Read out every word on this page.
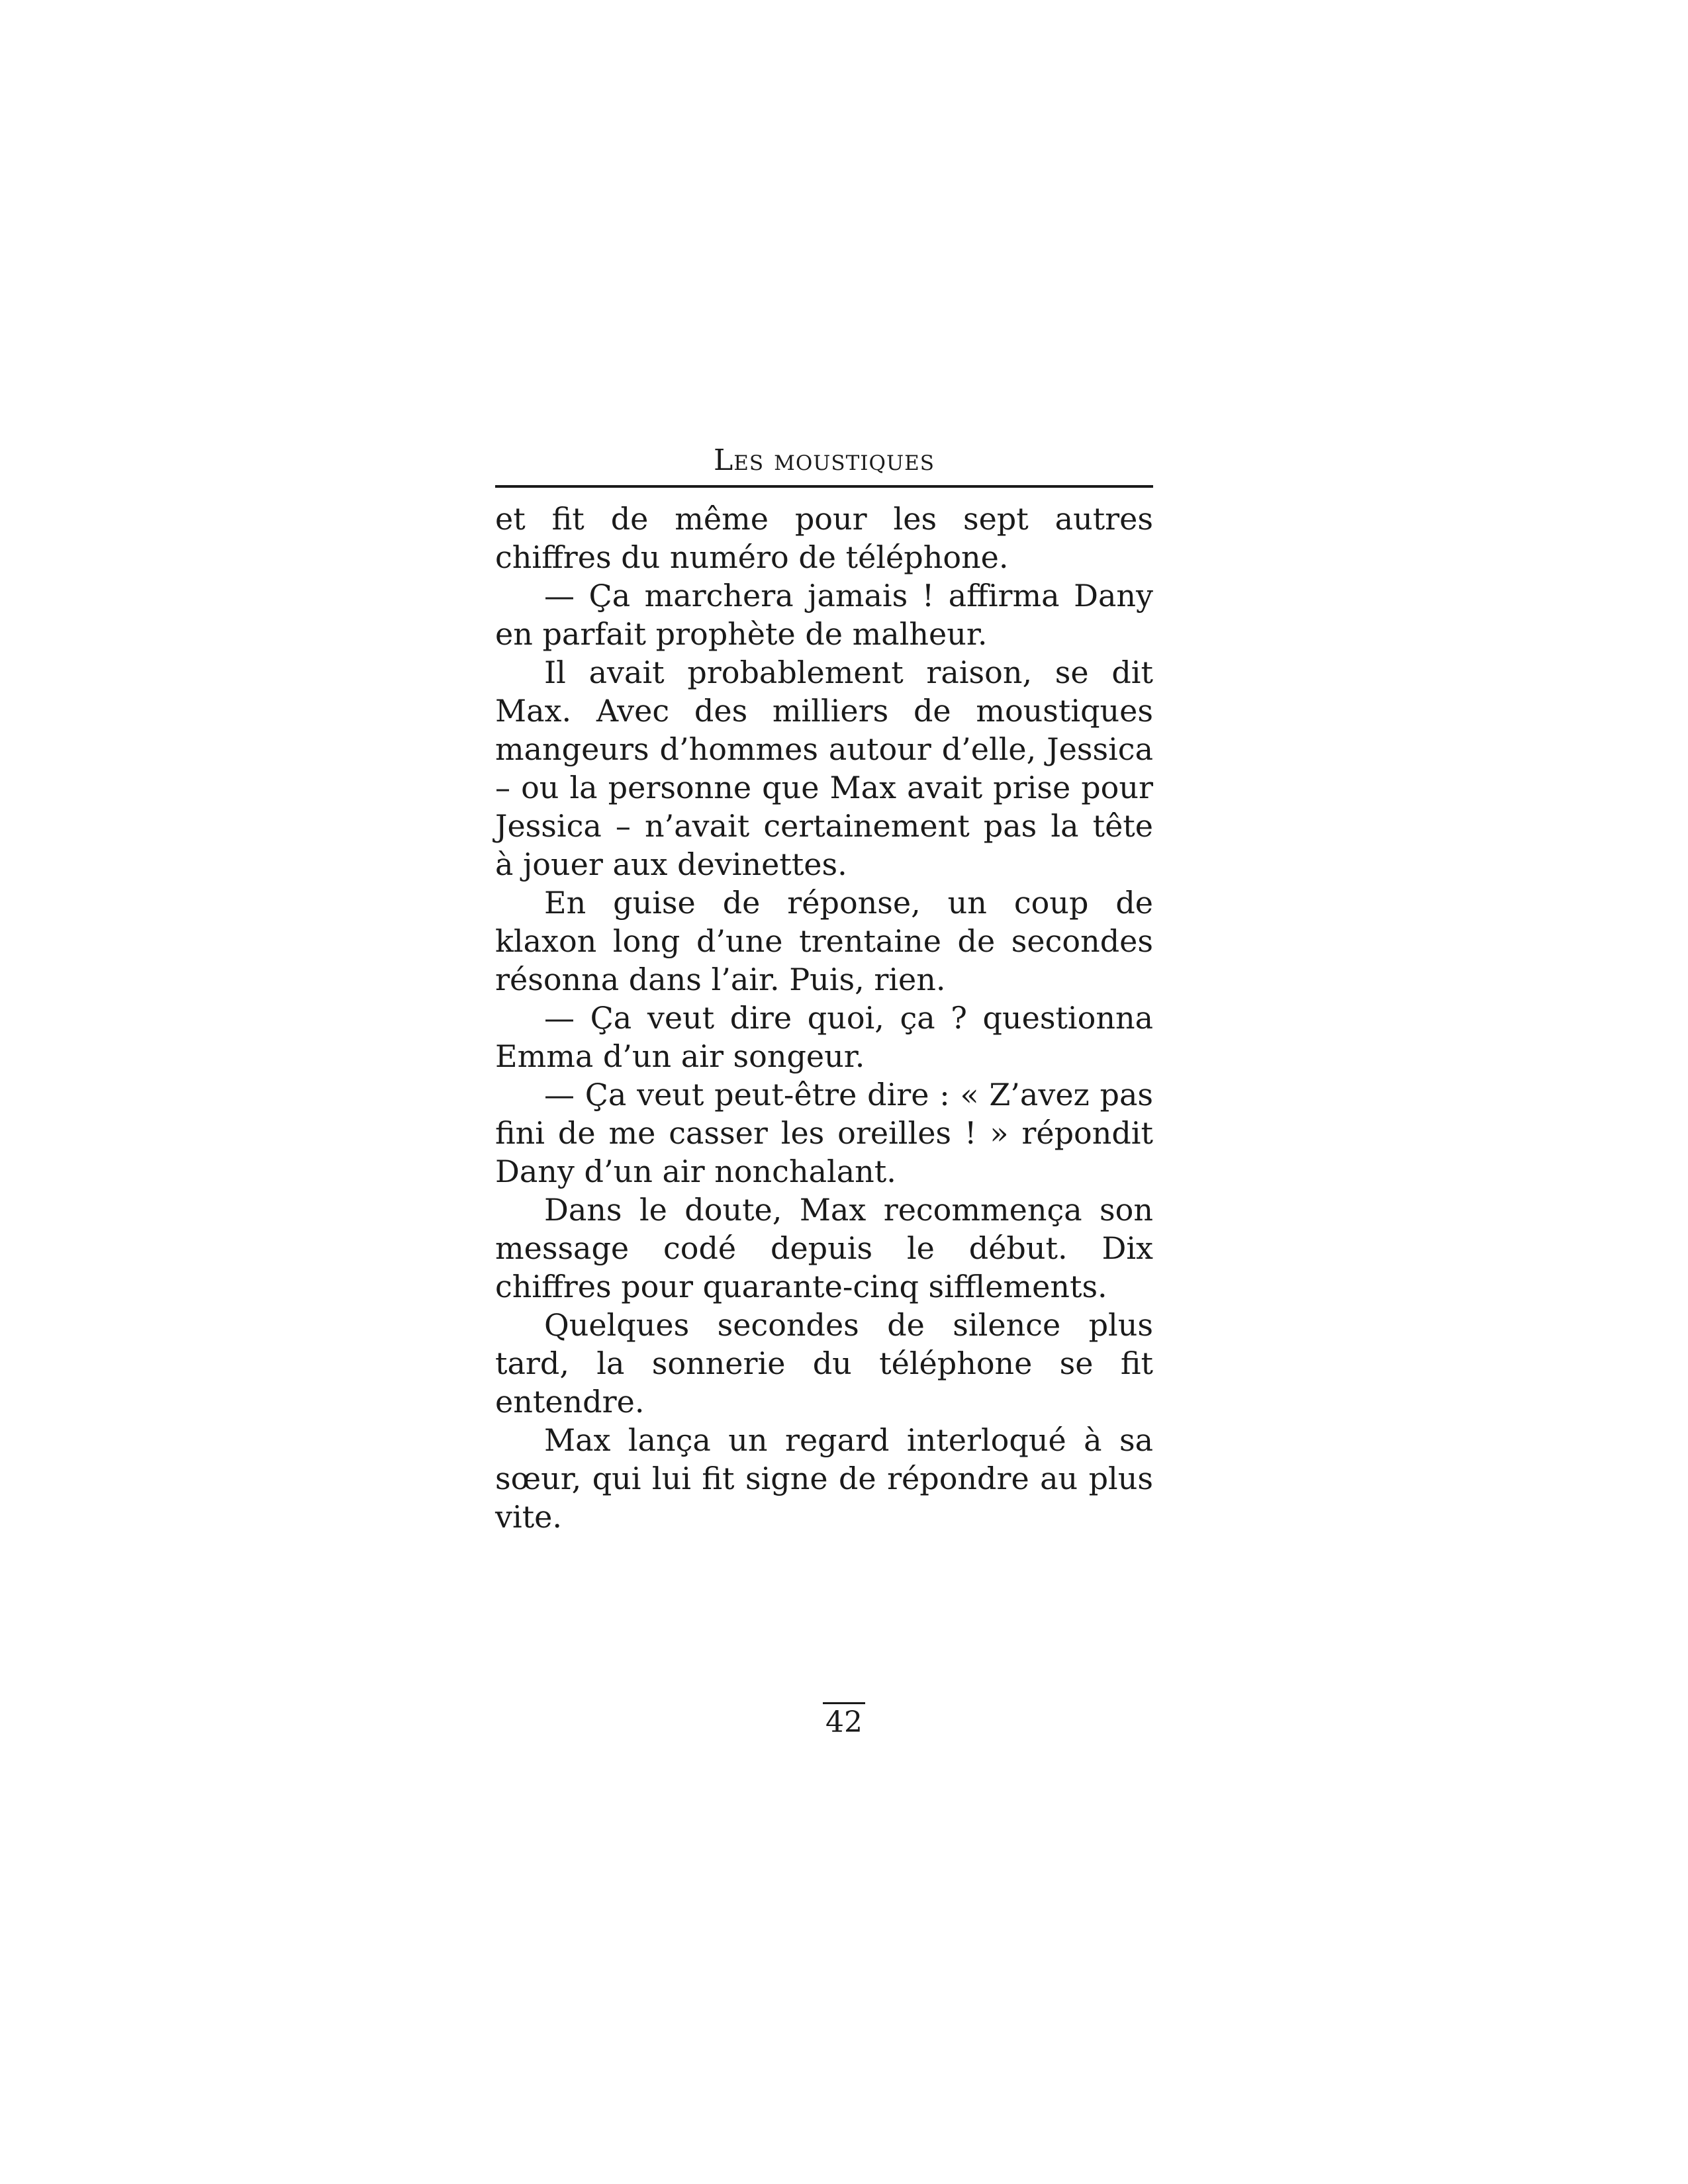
Les moustiques

et fit de même pour les sept autres chiffres du numéro de téléphone.

— Ça marchera jamais ! affirma Dany en parfait prophète de malheur.

Il avait probablement raison, se dit Max. Avec des milliers de moustiques mangeurs d’hommes autour d’elle, Jessica – ou la personne que Max avait prise pour Jessica – n’avait certainement pas la tête à jouer aux devinettes.

En guise de réponse, un coup de klaxon long d’une trentaine de secondes résonna dans l’air. Puis, rien.

— Ça veut dire quoi, ça ? questionna Emma d’un air songeur.

— Ça veut peut-être dire : « Z’avez pas fini de me casser les oreilles ! » répondit Dany d’un air nonchalant.

Dans le doute, Max recommença son message codé depuis le début. Dix chiffres pour quarante-cinq sifflements.

Quelques secondes de silence plus tard, la sonnerie du téléphone se fit entendre.

Max lança un regard interloqué à sa sœur, qui lui fit signe de répondre au plus vite.

42
